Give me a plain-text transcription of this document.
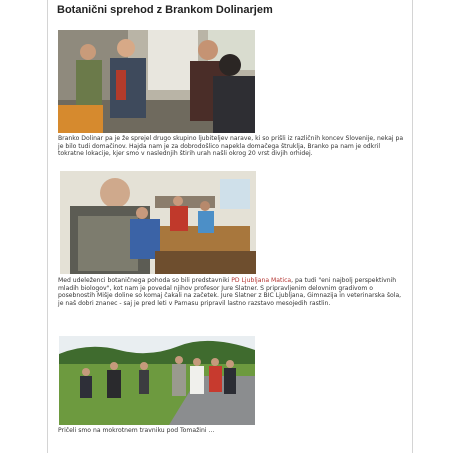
Botanični sprehod z Brankom Dolinarjem
Branko Dolinar pa je že sprejel drugo skupino ljubiteljev narave, ki so prišli iz različnih koncev Slovenije, nekaj pa je bilo tudi domačinov. Hajda nam je za dobrodošlico napekla domačega štruklja, Branko pa nam je odkril tokratne lokacije, kjer smo v naslednjih štirih urah našli okrog 20 vrst divjih orhidej.
Med udeleženci botaničnega pohoda so bili predstavniki PD Ljubljana Matica, pa tudi "eni najbolj perspektivnih mladih biologov", kot nam je povedal njihov profesor Jure Slatner. S pripravljenim delovnim gradivom o posebnostih Mišje doline so komaj čakali na začetek. Jure Slatner z BIC Ljubljana, Gimnazija in veterinarska šola, je naš dobri znanec - saj je pred leti v Parnasu pripravil lastno razstavo mesojedih rastlin.
Pričeli smo na mokrotnem travniku pod Tomažini ...
